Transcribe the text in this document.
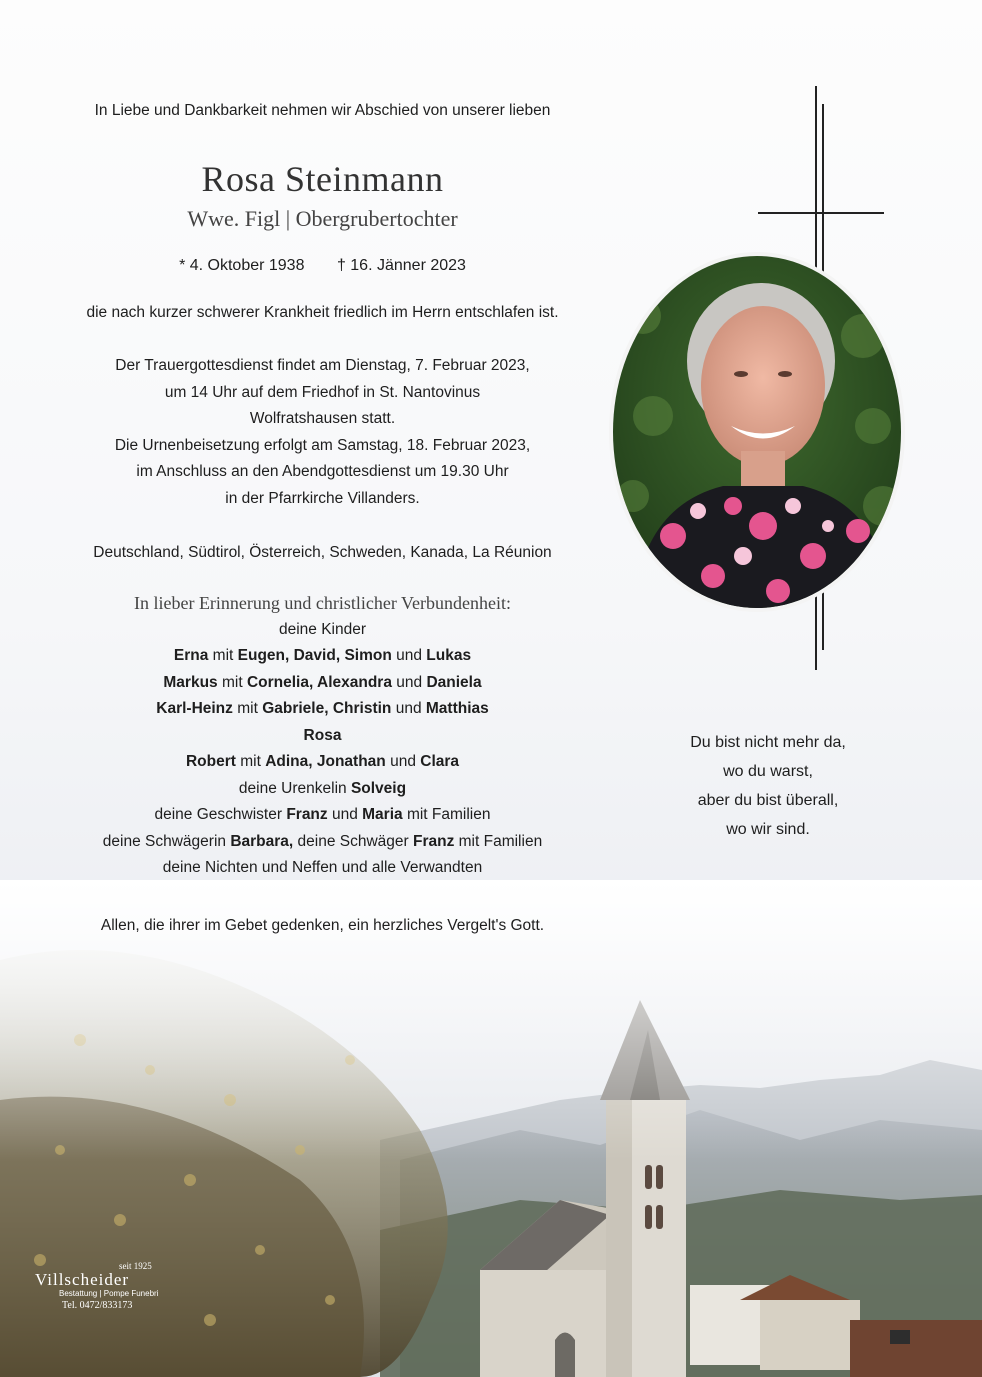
In Liebe und Dankbarkeit nehmen wir Abschied von unserer lieben
Rosa Steinmann
Wwe. Figl | Obergrubertochter
* 4. Oktober 1938 † 16. Jänner 2023
die nach kurzer schwerer Krankheit friedlich im Herrn entschlafen ist.
Der Trauergottesdienst findet am Dienstag, 7. Februar 2023,
um 14 Uhr auf dem Friedhof in St. Nantovinus
Wolfratshausen statt.
Die Urnenbeisetzung erfolgt am Samstag, 18. Februar 2023,
im Anschluss an den Abendgottesdienst um 19.30 Uhr
in der Pfarrkirche Villanders.
Deutschland, Südtirol, Österreich, Schweden, Kanada, La Réunion
In lieber Erinnerung und christlicher Verbundenheit:
deine Kinder
Erna mit Eugen, David, Simon und Lukas
Markus mit Cornelia, Alexandra und Daniela
Karl-Heinz mit Gabriele, Christin und Matthias
Rosa
Robert mit Adina, Jonathan und Clara
deine Urenkelin Solveig
deine Geschwister Franz und Maria mit Familien
deine Schwägerin Barbara, deine Schwäger Franz mit Familien
deine Nichten und Neffen und alle Verwandten
Allen, die ihrer im Gebet gedenken, ein herzliches Vergelt's Gott.
Du bist nicht mehr da,
wo du warst,
aber du bist überall,
wo wir sind.
seit 1925
Villscheider
Bestattung | Pompe Funebri
Tel. 0472/833173
